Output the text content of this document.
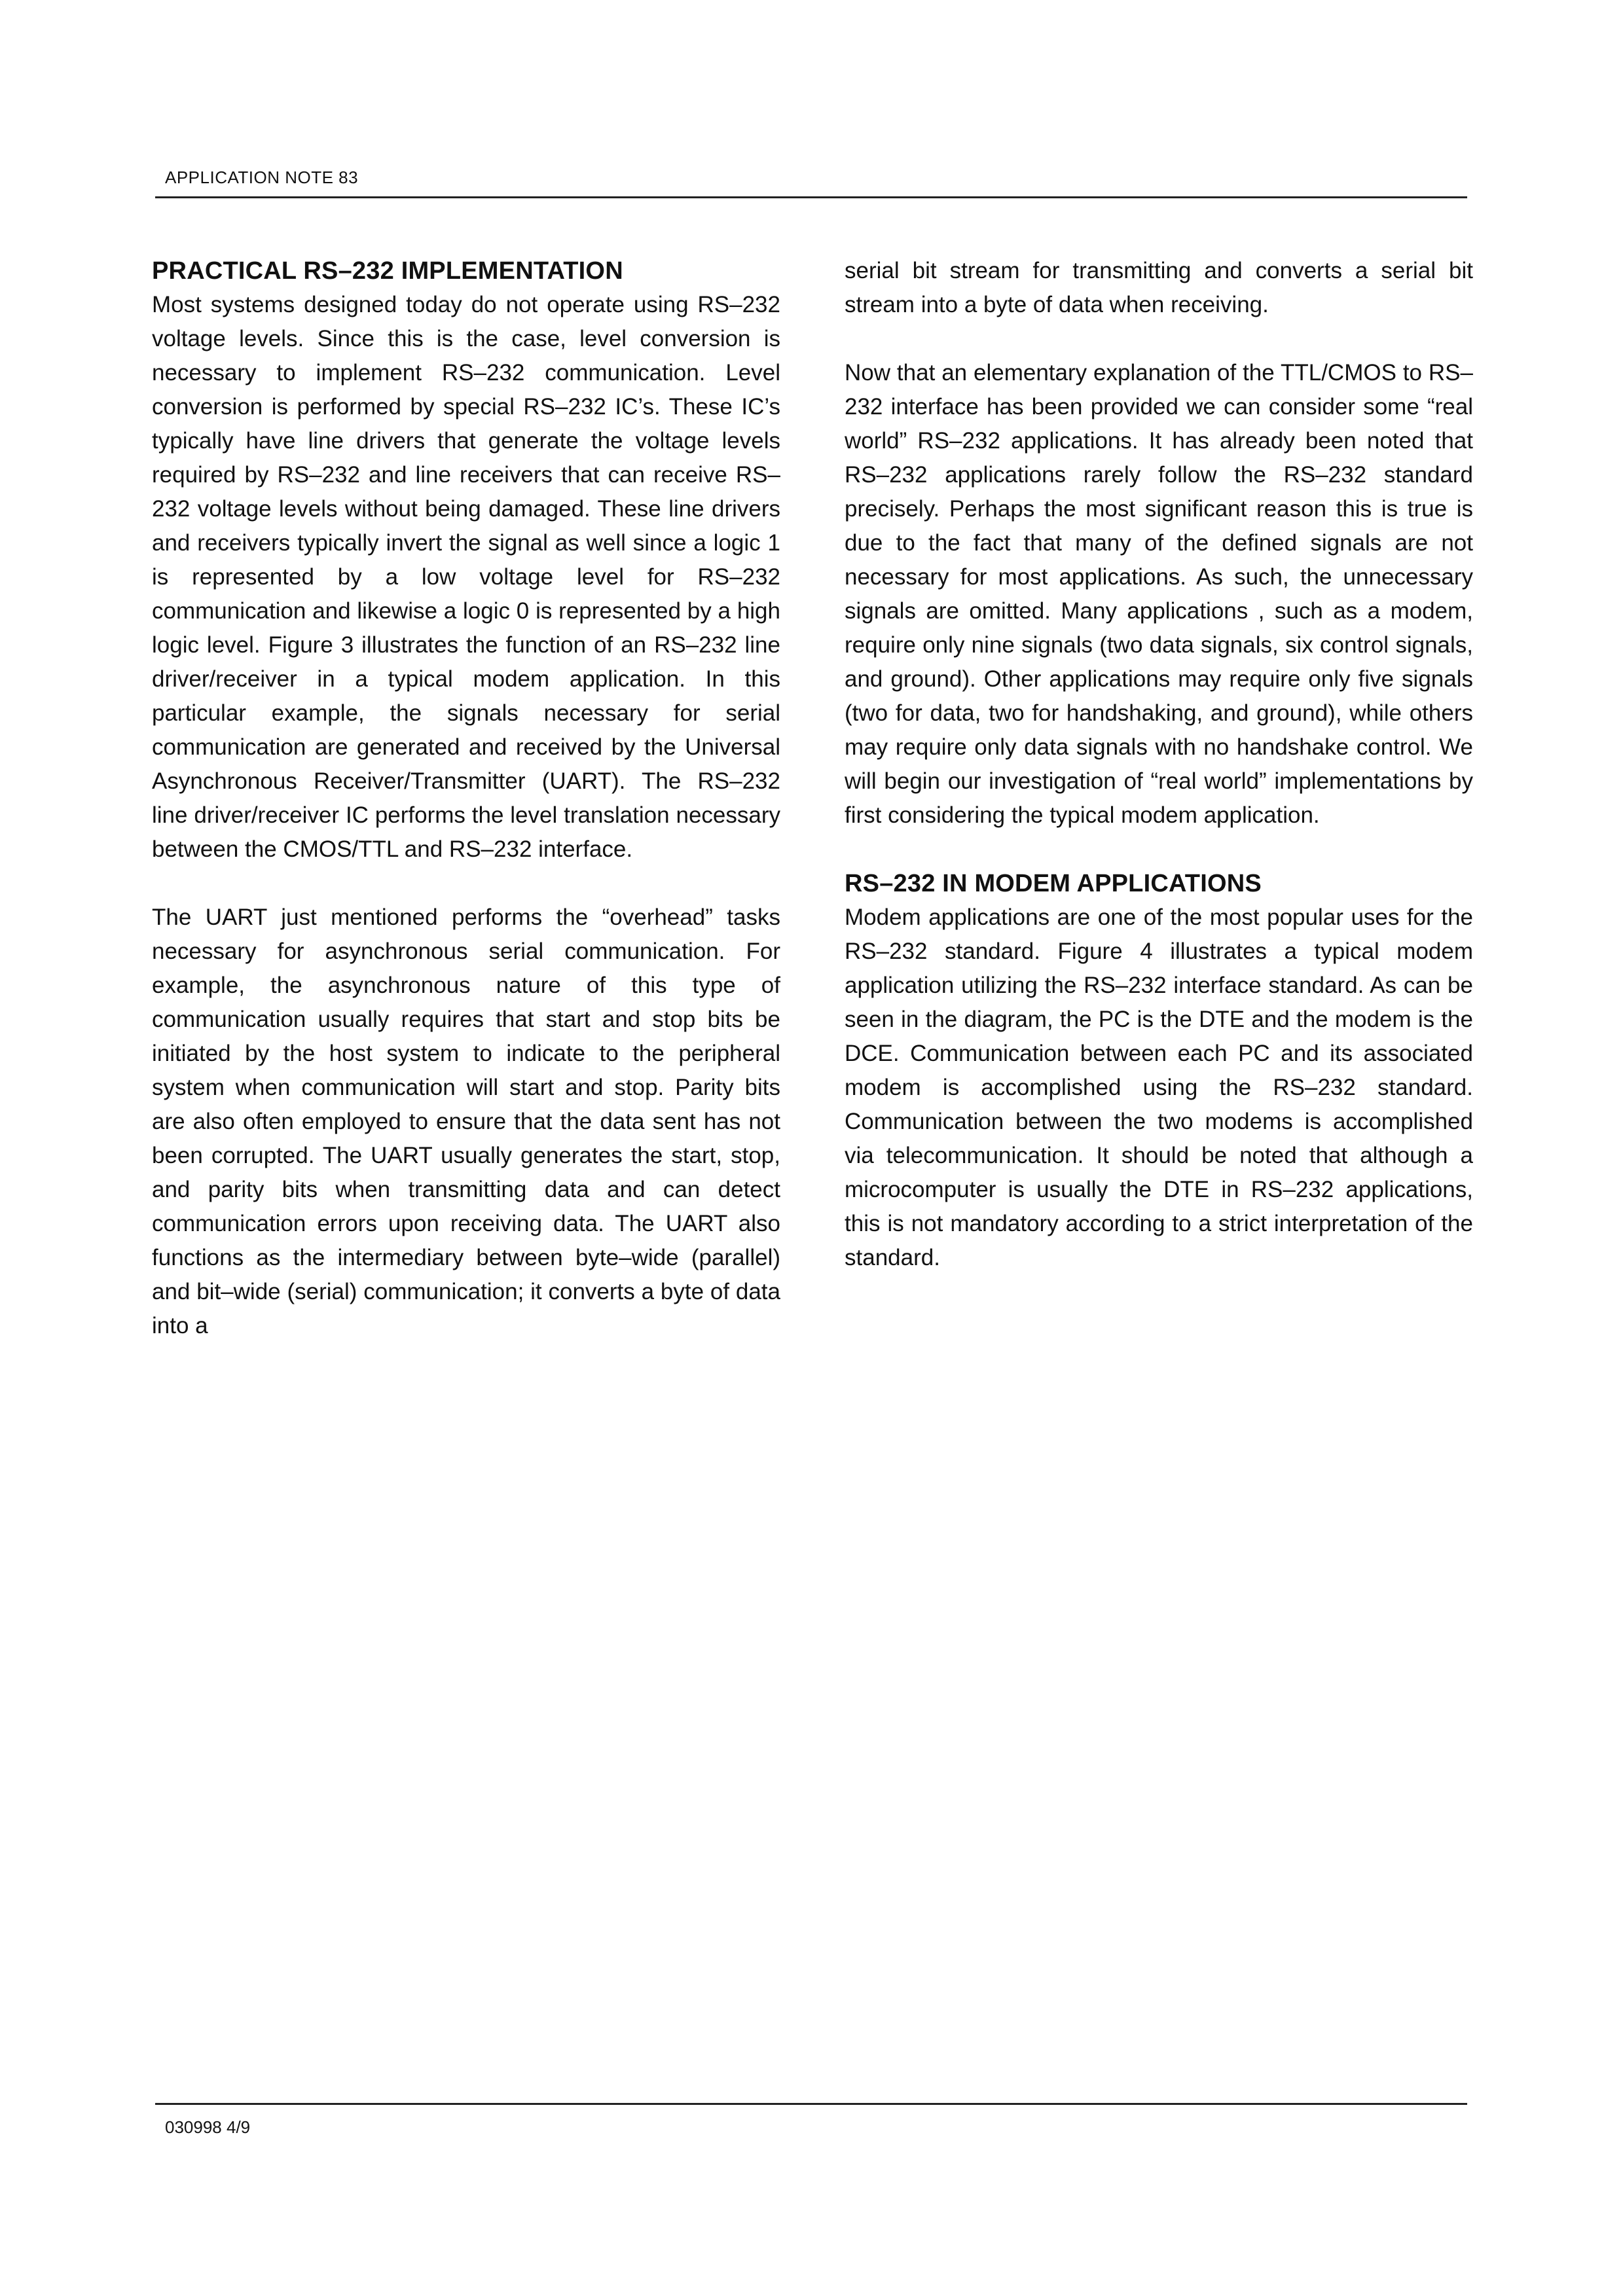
APPLICATION NOTE 83
PRACTICAL RS–232 IMPLEMENTATION

Most systems designed today do not operate using RS–232 voltage levels. Since this is the case, level conversion is necessary to implement RS–232 communication. Level conversion is performed by special RS–232 IC’s. These IC’s typically have line drivers that generate the voltage levels required by RS–232 and line receivers that can receive RS–232 voltage levels without being damaged. These line drivers and receivers typically invert the signal as well since a logic 1 is represented by a low voltage level for RS–232 communication and likewise a logic 0 is represented by a high logic level. Figure 3 illustrates the function of an RS–232 line driver/receiver in a typical modem application. In this particular example, the signals necessary for serial communication are generated and received by the Universal Asynchronous Receiver/Transmitter (UART). The RS–232 line driver/receiver IC performs the level translation necessary between the CMOS/TTL and RS–232 interface.

The UART just mentioned performs the “overhead” tasks necessary for asynchronous serial communication. For example, the asynchronous nature of this type of communication usually requires that start and stop bits be initiated by the host system to indicate to the peripheral system when communication will start and stop. Parity bits are also often employed to ensure that the data sent has not been corrupted. The UART usually generates the start, stop, and parity bits when transmitting data and can detect communication errors upon receiving data. The UART also functions as the intermediary between byte–wide (parallel) and bit–wide (serial) communication; it converts a byte of data into a

serial bit stream for transmitting and converts a serial bit stream into a byte of data when receiving.

Now that an elementary explanation of the TTL/CMOS to RS–232 interface has been provided we can consider some “real world” RS–232 applications. It has already been noted that RS–232 applications rarely follow the RS–232 standard precisely. Perhaps the most significant reason this is true is due to the fact that many of the defined signals are not necessary for most applications. As such, the unnecessary signals are omitted. Many applications , such as a modem, require only nine signals (two data signals, six control signals, and ground). Other applications may require only five signals (two for data, two for handshaking, and ground), while others may require only data signals with no handshake control. We will begin our investigation of “real world” implementations by first considering the typical modem application.

RS–232 IN MODEM APPLICATIONS

Modem applications are one of the most popular uses for the RS–232 standard. Figure 4 illustrates a typical modem application utilizing the RS–232 interface standard. As can be seen in the diagram, the PC is the DTE and the modem is the DCE. Communication between each PC and its associated modem is accomplished using the RS–232 standard. Communication between the two modems is accomplished via telecommunication. It should be noted that although a microcomputer is usually the DTE in RS–232 applications, this is not mandatory according to a strict interpretation of the standard.

030998 4/9
